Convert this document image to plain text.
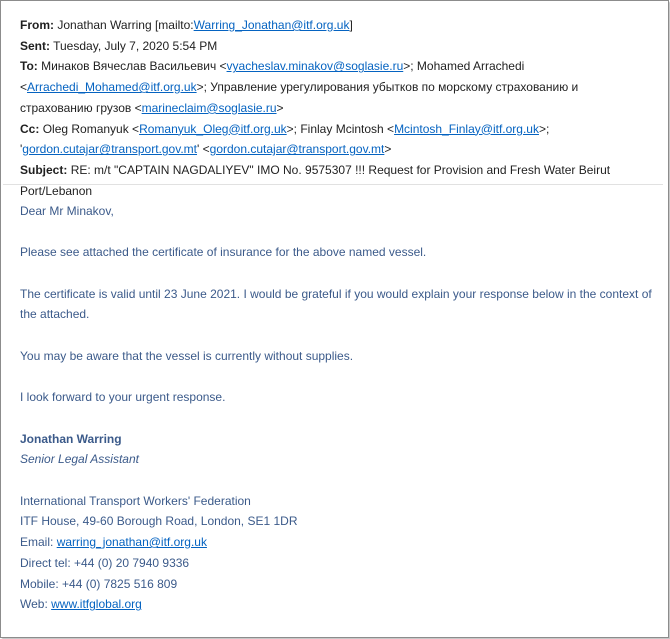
From: Jonathan Warring [mailto:Warring_Jonathan@itf.org.uk]
Sent: Tuesday, July 7, 2020 5:54 PM
To: Минаков Вячеслав Васильевич <vyacheslav.minakov@soglasie.ru>; Mohamed Arrachedi <Arrachedi_Mohamed@itf.org.uk>; Управление урегулирования убытков по морскому страхованию и страхованию грузов <marineclaim@soglasie.ru>
Cc: Oleg Romanyuk <Romanyuk_Oleg@itf.org.uk>; Finlay Mcintosh <Mcintosh_Finlay@itf.org.uk>;
'gordon.cutajar@transport.gov.mt' <gordon.cutajar@transport.gov.mt>
Subject: RE: m/t "CAPTAIN NAGDALIYEV" IMO No. 9575307 !!! Request for Provision and Fresh Water Beirut Port/Lebanon

Dear Mr Minakov,

Please see attached the certificate of insurance for the above named vessel.

The certificate is valid until 23 June 2021. I would be grateful if you would explain your response below in the context of the attached.

You may be aware that the vessel is currently without supplies.

I look forward to your urgent response.

Jonathan Warring

Senior Legal Assistant

International Transport Workers' Federation

ITF House, 49-60 Borough Road, London, SE1 1DR

Email: warring_jonathan@itf.org.uk

Direct tel: +44 (0) 20 7940 9336

Mobile: +44 (0) 7825 516 809

Web: www.itfglobal.org
